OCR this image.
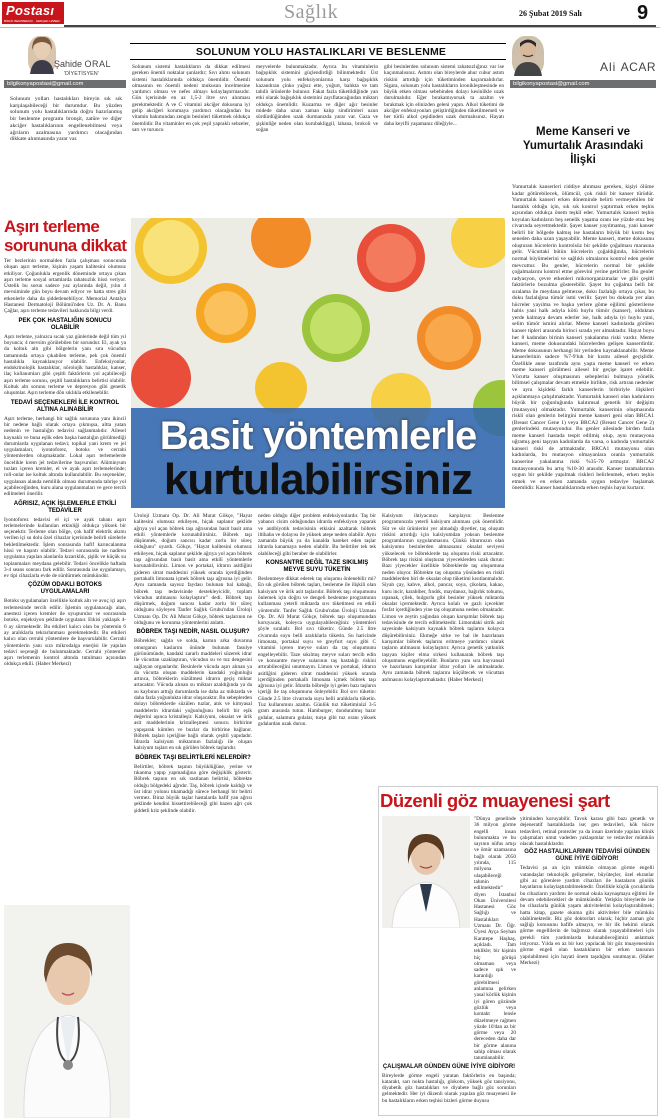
Postası
BİRLİK BERABERLİK · GERÇEK HABER	Sağlık	26 Şubat 2019 Salı	9
Şahide ORAL
'DİYETİSYEN'
bilgikonyapostasi@gmail.com
Solunum yolları hastalıkları bireyin sık sık karşılaşabileceği bir durumdur. Bu yüzden solunum yolu hastalıklarında doğru hazırlanmış bir beslenme programı bronşit, zatüre ve diğer akciğer hastalıklarının engellenebilmesi veya ağrıların azalmasına yardımcı olacağından dikkate alınmasında yarar var.
SOLUNUM YOLU HASTALIKLARI VE BESLENME
Solunum sistemi hastalıkların da dikkat edilmesi gereken önemli noktalar şunlardır; Sıvı alımı solunum sistemi hastalıklarında oldukça önemlidir. Önemli olmasının en önemli nedeni mukusun incelmesine yardımcı olması ve nefes almayı kolaylaştırmasıdır. Gün içerisinde en az 1,5-2 litre sıvı alınması gerekmektedir. A ve C vitamini akciğer dokusuna iyi gelip akciğeri korumaya yardımcı olacağından bu vitamin bakımından zengin besinleri tüketmek oldukça önemlidir. Bu vitaminler en çok yeşil yapraklı sebzeler, sarı ve turuncu
meyvelerde bulunmaktadır. Ayrıca bu vitaminlerin bağışıklık sistemini güçlendirdiği bilinmektedir. Üst solunum yolu enfeksiyonlarına karşı bağışıklık kazandıran çinko yağsız ette, yoğurt, balıkta ve tam tahıllı ürünlerde bulunur. Fakat fazla tüketildiğinde yan etki olarak bağışıklık sistemini zayıflatacağından miktarı oldukça önemlidir. Kuzarma ve diğer ağır besinler midede daha uzun zaman kalıp sindirimleri uzun sürdürdüğünden uzak durmanızda yarar var. Gaza ve şişkinliğe neden olan kurubakliggil, lahana, brokoli ve soğan
gibi besinlerden solunum sistemi rahatsızlığınız var ise kaçınmalısınız. Astımı olan bireylerde ahur cubur astım riskini artırdığı için tüketiminden kaçınmalıdırlar. Sigara, solunum yolu hastalıkların kronikleşmesinde en büyük etken olması sebebinden dolayı kesinlikle uzak durulmalıdır. Eğer bırakamıyorsak ta azaltın ve bırakmak için elinizden geleni yapın. Alkol tüketimi de akciğer enfeksiyonları geliştirdiğinden tüketilmemeli ve her türlü alkol çeşidinden uzak durmalısınız. Hayatı daha keyifli yaşamanız dileğiyle...
Ali ACAR
bilgikonyapostasi@gmail.com
Meme Kanseri ve Yumurtalık Arasındaki İlişki
Yumurtalık kanserleri ciddiye alınması gereken, kişiyi ölüme kadar götürebilecek, ölümcül, çok riskli bir kanser türüdür. Yumurtalık kanseri erken döneminde belirti vermeyebilen bir hastalık olduğu için, sık sık kontrol yaptırmak erken teşhis açısından oldukça önem teşkil eder. Yumurtalık kanseri teşhis koyulan kadınların beş senelik yaşama oranı ise yüzde otuz beş civarında seyretmektedir. Şayet kanser yayılmamış, yani kanser belirli bir bölgede kalmış ise hastaların büyük bir kısmı beş seneden daha uzun yaşayabilir. Meme kanseri, meme dokusunu oluşturan hücrelerin kontrolsüz bir şekilde çoğalması marasına gelir. Vücuttaki bütün hücrelerin çoğaldığında, hücrelerin normal büyümelerini ve sağlıklı olmalarını kontrol eden genler mevcuttur. Bu genler, hücrelerin normal bir şekilde çoğalmalarını kontrol etme görevini yerine getirirler. Bu genler radyasyon, çevre etkenleri mikroorganizmalar ve gibi çeşitli faktörlerle bozulma gösterebilir. Şayet bu çoğalma belli bir sıralama ile meydana gelmezse, doku fazlalığı ortaya çıkar, bu doku fazlalığına tümör ismi verilir. Şayet bu dokuda yer alan hücreler yayılma ve başka yerlere göme eğilimi gösterilerse habis yani halk adıyla kötü huylu tümör (kanser), olduktan yerde kalmaya devam ederler ise, halk adıyla iyi huylu yani, selim tümör ismini alırlar. Meme kanseri kadınlarda görülen kanser tipleri arasında birinci sırada yer almaktadır. Hayat boyu her 8 kadından birinin kanseri yakalanma riski vardır. Meme kanseri, meme dokusundaki hücrelerden gelişen kanserdirdir. Meme dokusunun herhangi bir yerinden kaynaklanabilir. Meme kanserlerinin sadece %7-9'luk bir kısmı ailesel geçişlidir. Özellikle anne tarafında aynı yaşta meme kanseri ve erken meme kanseri görülmesi ailesel bir geçişe işaret edebilir. Vücutta kanser oluşmasının sebeplerini bulmaya yönelik bilimsel çalışmalar devam etmekle birlikte, risk artıran nedenler ve aynı kişideki farklı kanserlerin birbiriyle ilişkileri açıklanmaya çalışılmaktadır. Yumurtalık kanseri olan kadınların büyük bir çoğunluğunda kalıtımsal genetik bir değişim (mutasyon) olmaktadır. Yumurtalık kanserinin oluşmasında riskli olan genlerin belirgini meme kanseri geni olan BRCA1 (Breast Cancer Gene 1) veya BRCA2 (Breast Cancer Gene 2) genlerindeki mutasyondur. Bu genler ailesinde birden fazla meme kanseri hastada tespit edilmiş olup, aynı mutasyona uğramış geni taşıyan kadınlarda da varsa, o kadında yumurtalık kanseri riski de artmaktadır. BRCA1 mutasyonu olan kadınlarda, bu mutasyon olmayanlara oranla yumurtalık kanserine yakalanma riski %35-70 artmıştır. BRCA2 mutasyonunda bu artış %10-30 arasıdır. Kanser taramalarının uygun bir şekilde yapılmak riskleri belirlenmek, erken teşhis etmek ve en erken zamanda uygun tedaviye başlamak önemlidir. Kanser hastalıklarında erken teşhis hayat kurtarır.
Aşırı terleme sorununa dikkat
Ter bezlerinin normalden fazla çalışması sonucunda oluşan aşırı terleme, kişinin yaşam kalitesini olumsuz etkiliyor. Çoğunlukla ergenlik döneminde ortaya çıkan aşırı terleme sosyal ortamlarda rahatsızlık hissi veriyor. Üstelik bu sorun sadece yaz aylarında değil, yılın 4 mevsiminde gün boyu devam ediyor ve hatta stres gibi etkenlerle daha da şiddetlenebiliyor. Memorial Antalya Hastanesi Dermatoloji Bölümü'nden Uz. Dr. A. Banu Çağlar, aşırı terleme tedavileri hakkında bilgi verdi.
PEK ÇOK HASTALIĞIN SONUCU OLABİLİR
Aşırı terleme, yalnızca sıcak yaz günlerinde değil tüm yıl boyunca; 4 mevsim görülebilen bir sorundur. El, ayak ya da koltuk altı gibi bölgelerin yanı sıra vücudun tamamında ortaya çıkabilen terleme, pek çok önemli hastalıkla kaynaklanıyor olabilir. Enfeksiyonlar, endokrinolojik hastalıklar, nörolojik hastalıklar, kanser, ilaç kullanımları gibi çeşitli faktörlerin yol açabileceği aşırı terleme sorunu, çeşitli hastalıkların belirtisi olabilir. Koltuk altı sorunu terleme ve depresyon gibi genetik oluşumlar. Aşırı terleme dön sıklıkla etkilenebilir.
TEDAVİ SEÇENEKLERİ İLE KONTROL ALTINA ALINABİLİR
Aşırı terleme, herhangi bir sağlık sorununa yanı ikincil bir nedene bağlı olarak ortaya çıkmışsa, altta yatan nedenin ve hastalığın tedavisi sağlanmalıdır. Ailesel kaynaklı ve buna eşlik eden başka hastalığın görülmediği durumlarda uygulanan tedavi; topikal yani krem ve jel uygulamaları, iyontoforez, botoks ve cerrahi yöntemlerden oluşmaktadır. Lokal aşırı terlemelerde öncelikle krem jel tedavilerine başvurulur. Alüminyum tuzları içeren kremler, el ve ayak aşırı terlemelerinde; roll-onlar ise koltuk altında kullanılabilir. Bu seçenekler, uygulanan alanda nemlilik olması durumunda tahrişe yol açabileceğinden, kuru alana uygulanmaları ve gece tercih edilmeleri önerilir.
AĞRISIZ, AÇIK İŞLEMLERLE ETKİLİ TEDAVİLER
İyontoforez tedavisi el içi ve ayak tabanı aşırı terlemelerinde kullanılan etkinliği oldukça yüksek bir seçenektir. Terleme olan bölge, çok hafif elektrik akımı verilen içi su dolu özel cihazlar içerisinde belirli sürelerle bekletilmektedir. İşlem sonrasında hafif karıncalanma hissi ve kaşıntı olabilir. Tedavi sonrasında ise nadiren uygulama yapılan alanlarda kızarıklık, şişlik ve küçük su toplanmaları meydana gelebilir. Tedavi öncelikle haftada 3-4 seans sonrası fark edilir. Sonrasında ise uygulamayı, ev tipi cihazlarla evde de sürdürmek mümkündür.
ÇÖZÜM ODAKLI BOTOKS UYGULAMALARI
Botoks uygulamaları özellikle koltuk altı ve avuç içi aşırı terlemesinde tercih edilir. İşlemin uygulanacağı alan, anestezi içeren kremler ile uyuşturulur ve sonrasında botoks, enjeksiyon şeklinde uygulanır. Etkisi yaklaşık 4-6 ay sürmektedir. Bu etkileri kalıcı olan bu yöntemin 6 ay aralıklarla tekrarlanması gerekmektedir. Bu etkileri kalıcı olan cerrahi yöntemlere de başvurulabilir. Cerrahi yöntemlerin yanı sıra mikrodalga enerjisi ile yapılan tedavi seçeneği de bulunmaktadır. Cerrahi yöntemler aşırı terlemenin kontrol altında tutulması açısından oldukça etkili. (Haber Merkezi)
Basit yöntemlerle
kurtulabilirsiniz
Üroloji Uzmanı Op. Dr. Ali Murat Gökçe, "Hayat kalitesini olumsuz etkileyen, hiçak saplanır şeklide ağrıya yol açan böbrek taşı ağrısından basit basit ama etkili yöntemlerle korunabilirsiniz. Böbrek taşı düşünmek, doğum sancısı kadar zorlu bir süreç olduğunu" uyardı. Gökçe, "Hayat kalitesini olumsuz etkileyen, hiçak saplanır şekilde ağrıya yol açan böbrek taşı ağrısından basit basit ama etkili yöntemlerle korunabilirsiniz. Limon ve portakal, idrarın asitliğini gideren sitrat maddesini yüksek oranda içerdiğinden portakallı limonata içmek böbrek taşı ağrısına iyi gelir. Aynı zamanda sayısız faydası bulunan bal kabağı, böbrek taşı tedavisinde destekleyicidir, toplam vücudun atılmasını kolaylaştırır" dedi. Böbrek taşı düşürmek, doğum sancısı kadar zorlu bir süreç olduğunu söyleyen Tanfer Sağlık Grubu'ndan Üroloji Uzmanı Op. Dr. Ali Murat Gökçe, böbrek taşlarının ne olduğunu ve korunma yöntemlerini anlattı.
BÖBREK TAŞI NEDİR, NASIL OLUŞUR?
Böbrekler; sağda ve solda, karnın arka duvarına omurganın kaslarını önünde bulunan fasulye görünümünde, kandaki zararlı maddeleri süzerek idrar ile vücuttan uzaklaştıran, vücudun su ve tuz dengesini sağlayan organlardır. Besinlerle vücuda aşırı alınan ya da vücutta oluşan maddelerin kandaki yoğunluğu artınca, böbreklerin süzülmesi idrarın geçiş miktar artacaktır. Vücuda alınan su miktarı azaldığında ya da su kaybının arttığı durumlarda ise daha az miktarda ve daha fazla yoğunlukta idrar oluşacaktır. Bu sebeplerden dolayı böbreklerde süzülen tuzlar, atık ve kimyasal maddelerin idrardaki yoğunluğunu belirli bir eşik değerini aşınca kristalleşir. Kalsiyum, oksalat ve ürik asit maddelerinin kristalleşmesi sonucu birbirine yapışarak kümlen ve buzlar da birbirine bağlanır. Böbrek taşları içeriğine bağlı olarak çeşitli yapıdadır. İdrarda kalsiyum miktarının fazlalığı ile oluşan kalsiyum taşları en sık görülen böbrek taşlarıdır.
BÖBREK TAŞI BELİRTİLERİ NELERDİR?
Belirtiler, böbrek taşının büyüklüğüne, yerine ve tıkanma yapıp yapmadığına göre değişiklik gösterir. Böbrek taşının en sık rastlanan belirtisi, böbrekte olduğu bölgedeki ağrıdır. Taş, böbrek içinde kaldığı ve üst idrar yolunu tıkamadığı sürece herhangi bir belirti vermez. Biraz büyük taşlar hastalarda hafif yan ağrısı şeklinde kendini hissettirebileceği gibi bazen ağrı çok şiddetli kriz şeklinde olabilir.
neden olduğu diğer problem enfeksiyonlardır. Taş bir yabancı cisim olduğundan idrarda enfeksiyon yaparak ve antibiyotik tedavisinin etkisini azaltarak böbrek iltihaba ve dolayısı ile yüksek ateşe neden olabilir. Aynı zamanda büyük ya da kanalda hareket eden taşlar idrarda kanamaya neden olabilir. Bu belirtiler tek tek olabileceği gibi beraber de olabilirler.
KONSANTRE DEĞİL TAZE SIKILMIŞ MEYVE SUYU TÜKETİN
Beslenmeye dikkat ederek taş oluşumu önlenebilir mi? En sık görülen böbrek taşları, beslenme ile ilişkili olan kalsiyum ve ürik asit taşlarıdır. Böbrek taşı oluşumunu önlemek için doğru ve dengeli beslenme programının kullanması yeterli miktarda sıvı tüketimesi en etkili yöntemdir. Tanfer Sağlık Grubu'ndan Üroloji Uzmanı Op. Dr. Ali Murat Gökçe, böbrek taşı oluşumundan koruyacak, koleyca uygulayabileceğiniz yöntemleri şöyle sıraladı: Bol sıvı tüketin: Günde 2.5 litre civarında suyu belli aralıklarla tüketin. Su haricinde limonata, portakal suyu ve greyfurt suyu gibi C vitamini içeren meyve suları da taş oluşumunu engelleyebilir. Taze sıkılmış meyve suları tercih edin ve konsantre meyve sularının taş hastalığı riskini artırabileceğini unutmayın. Limon ve portakal, idrarın asitliğini gideren sitrat maddesini yüksek oranda içerdiğinden portakallı limonata içmek böbrek taşı ağrısına iyi gelir. İdrarda böbreğe iyi gelen bazı taşların içeriği ile taş oluşumunu önleyebilir. Bol sıvı tüketin: Günde 2.5 litre civarında suyu belli aralıklarla tüketin. Tuz kullanımını azaltın. Günlük tuz tüketiminizi 3-5 gram arasında tutun. Hamburger, donduralmış hazır gıdalar, salamura gıdalar, turşu gibi tuz oranı yüksek gıdalardan uzak durun.
Kalsiyum ihtiyacınızı karşılayın: Beslenme programınızda yeterli kalsiyum alınması çok önemlidir. Süt ve süt ürünlerini yer almadığı diyetler, taş oluşum riskini artırdığı için kalsiyumdan yoksun beslenme programlarının uygulanmasını. Çünkü idrarınızın olan kalsiyumu besinlerden almazsanız oksalat seviyesi yükselecek ve böbreklerde taş oluşumu riski artacaktır. Böbrek taşı riskini oluşturan yiyeceklerden uzak durun: Bazı yiyecekler özellikle böbreklerde taş oluşumuna neden oluyor. Böbrekte taş oluşuma yönünden en riskli maddelerden biri de oksalat olup tüketimi kısıtlanmalıdır. Siyah çay, kahve, alkol, pancar, soya, çikolata, kakao, kuru incir, karabiber, fındık, maydanoz, bağırlık tohumu, ıspanak, çilek, bulgurlu gibi besinler yüksek miktarda oksalat içermektedir. Ayrıca kolalı ve gazlı içecekler fosfat içerdiğinden yine taş oluşumuna neden olmaktadır. Limon ve zeytin yağından oluşan karışımlar böbrek taşı tedavisinde de tercih edilmektedir. Limondaki sitrik asit sayesinde kalsiyum kaynaklı böbrek taşlarını kolayca düşürebilirsiniz. Ekmeğe sirke ve bal ile hazırlanan karışımlar böbrek taşlarını eritmeye yardımcı olarak taşların atılmasını kolaylaştırır. Ayrıca genetik yatkınlık taşıyan kişiler elma sirkesi kullanarak böbrek taşı oluşumunu engelleyebilir. Bunların yanı sıra hayvansal ve hazırlanan karışımlar idrar yolları ile atılmaktadır. Aynı zamanda böbrek taşlarını küçültecek ve vücuttan atılmasını kolaylaştırmaktadır. (Haber Merkezi)
Düzenli göz muayenesi şart
"Dünya genelinde 36 milyon görme engelli insan bulunmakta ve bu sayının nüfus artışı ve ömür uzamasına bağlı olarak 2050 yılında, 115 milyona ulaşabileceği tahmin edilmektedir" diyen İstanbul Okan Üniversitesi Hastanesi Göz Sağlığı ve Hastalıkları Uzmanı Dr. Öğr. Üyesi Ayça Seyhan Karatepe Haşhaş, açıkladı. Tam teklikle; bir kişinin hiç görüşü olmaması veya sadece ışık ve karanlığı görebilmesi anlamına gelirken yasal körlük kişinin iyi gören gözünde gözlük veya kontakt lensle düzeltmeye rağmen yüzde 10'dan az bir görme veya 20 dereceden daha dar bir görme alanına sahip olması olarak tanımlanabilir.
ÇALIŞMALAR GÜNDEN GÜNE İYİYE GİDİYOR!
Bireylerde görme engeli yaratan faktörlerin en başında; katarakt, sarı nokta hastalığı, glokom, yüksek göz tansiyonu, diyabetik göz hastalıkları ve diyabete bağlı göz sorunları gelmektedir. Her iyi düzenli olarak yapılan göz muayenesi ile bu hastalıkların erken teşhisi bizleri görme duyusu
yitiminden koruyabilir. Tavuk karası gibi bazı genetik ve dejeneratif hastalıklarda ise; gen tedavileri, kök hücre tedavileri, retinal protezler ya da insan üzerinde yapılan klinik çalışmaları umut vadeden yaklaşımlar ve tedaviler mümkün olacak hastalıklardır.
GÖZ HASTALIKLARININ TEDAVİSİ GÜNDEN GÜNE İYİYE GİDİYOR!
Tedavisi şu an için mümkün olmayan görme engelli vatandaşlar teknolojik gelişmeler, büyüteçler, özel ekranlar gibi az görenlere yardım cihazları ile hastaların günlük hayatlarını kolaylaştırabilmektedir. Özellikle küçük çocuklarda bu cihazların yardımı ile normal okula kaynaşmaya eğitimi ile devam edebilecekleri de mümkündür. Yetişkin bireylerde ise bu cihazlarla günlük yaşam aktivitelerini kolaylaştırabilmek; hatta kitap, gazete okuma gibi aktiviteler bile mümkün olabilmektedir. Biz göz doktorları olarak; hiçbir zaman göz sağlığı konusunu hafife almayın, ve bir ilk hekimi olarak görme engellilerin de bağımsız olarak yaşayabilmeleri için gerekli tüm yardımlarda bulunabileceğimizi anlatmak istiyoruz. Yılda en az bir kez yapılacak bir göz muayenesinin görme engeli olan hastalıkların bir erken tanısının yapılabilmesi için hayati önem taşıdığını unutmayın. (Haber Merkezi)
